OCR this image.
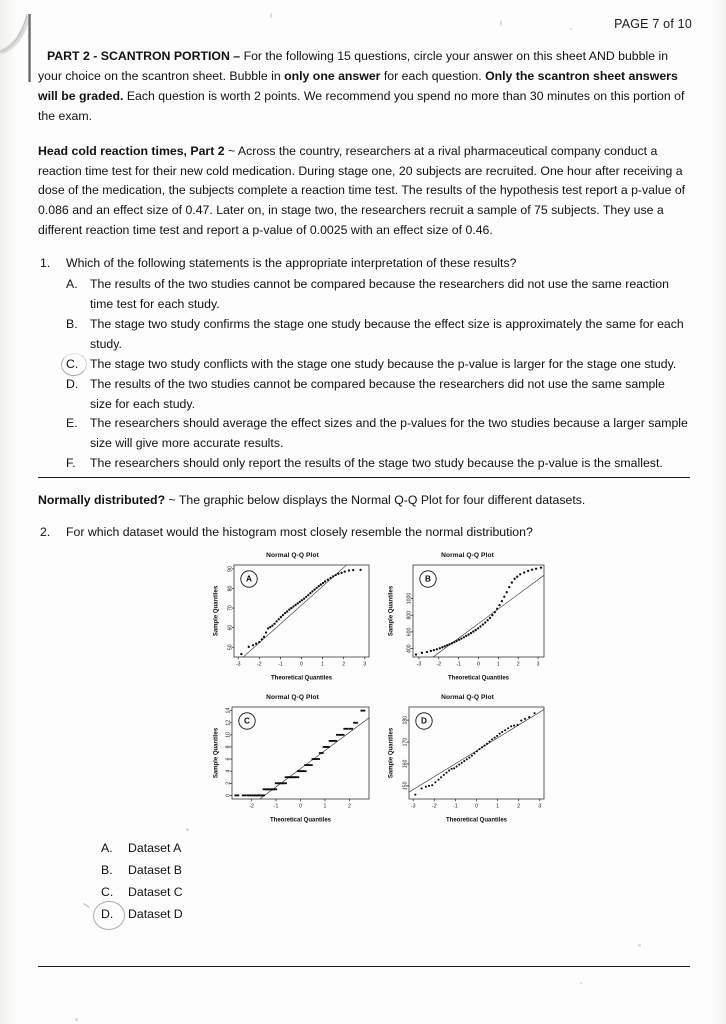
PAGE 7 of 10

PART 2 - SCANTRON PORTION – For the following 15 questions, circle your answer on this sheet AND bubble in your choice on the scantron sheet. Bubble in only one answer for each question. Only the scantron sheet answers will be graded. Each question is worth 2 points. We recommend you spend no more than 30 minutes on this portion of the exam.

Head cold reaction times, Part 2 ~ Across the country, researchers at a rival pharmaceutical company conduct a reaction time test for their new cold medication. During stage one, 20 subjects are recruited. One hour after receiving a dose of the medication, the subjects complete a reaction time test. The results of the hypothesis test report a p-value of 0.086 and an effect size of 0.47. Later on, in stage two, the researchers recruit a sample of 75 subjects. They use a different reaction time test and report a p-value of 0.0025 with an effect size of 0.46.

1.	Which of the following statements is the appropriate interpretation of these results?
A.	The results of the two studies cannot be compared because the researchers did not use the same reaction time test for each study.
B.	The stage two study confirms the stage one study because the effect size is approximately the same for each study.
C. The stage two study conflicts with the stage one study because the p-value is larger for the stage one study.
D. The results of the two studies cannot be compared because the researchers did not use the same sample size for each study.
E.	The researchers should average the effect sizes and the p-values for the two studies because a larger sample size will give more accurate results.
F.	The researchers should only report the results of the stage two study because the p-value is the smallest.

Normally distributed? ~ The graphic below displays the Normal Q-Q Plot for four different datasets.

2.	For which dataset would the histogram most closely resemble the normal distribution?
Normal Q-Q Plot
50
60
70
80
90
-3	-2	-1	0	1	2	3
Theoretical Quantiles
Sample Quantiles
A
Normal Q-Q Plot
400
600
800
1000
-3	-2	-1	0	1	2	3
Theoretical Quantiles
Sample Quantiles
B
Normal Q-Q Plot
0
2
4
6
8
10
12
14
-2	-1	0	1	2
Theoretical Quantiles
Sample Quantiles
C
Normal Q-Q Plot
150
160
170
180
-3	-2	-1	0	1	2	3
Theoretical Quantiles
Sample Quantiles
D
A.	Dataset A
B.	Dataset B
C.	Dataset C
D.	Dataset D
